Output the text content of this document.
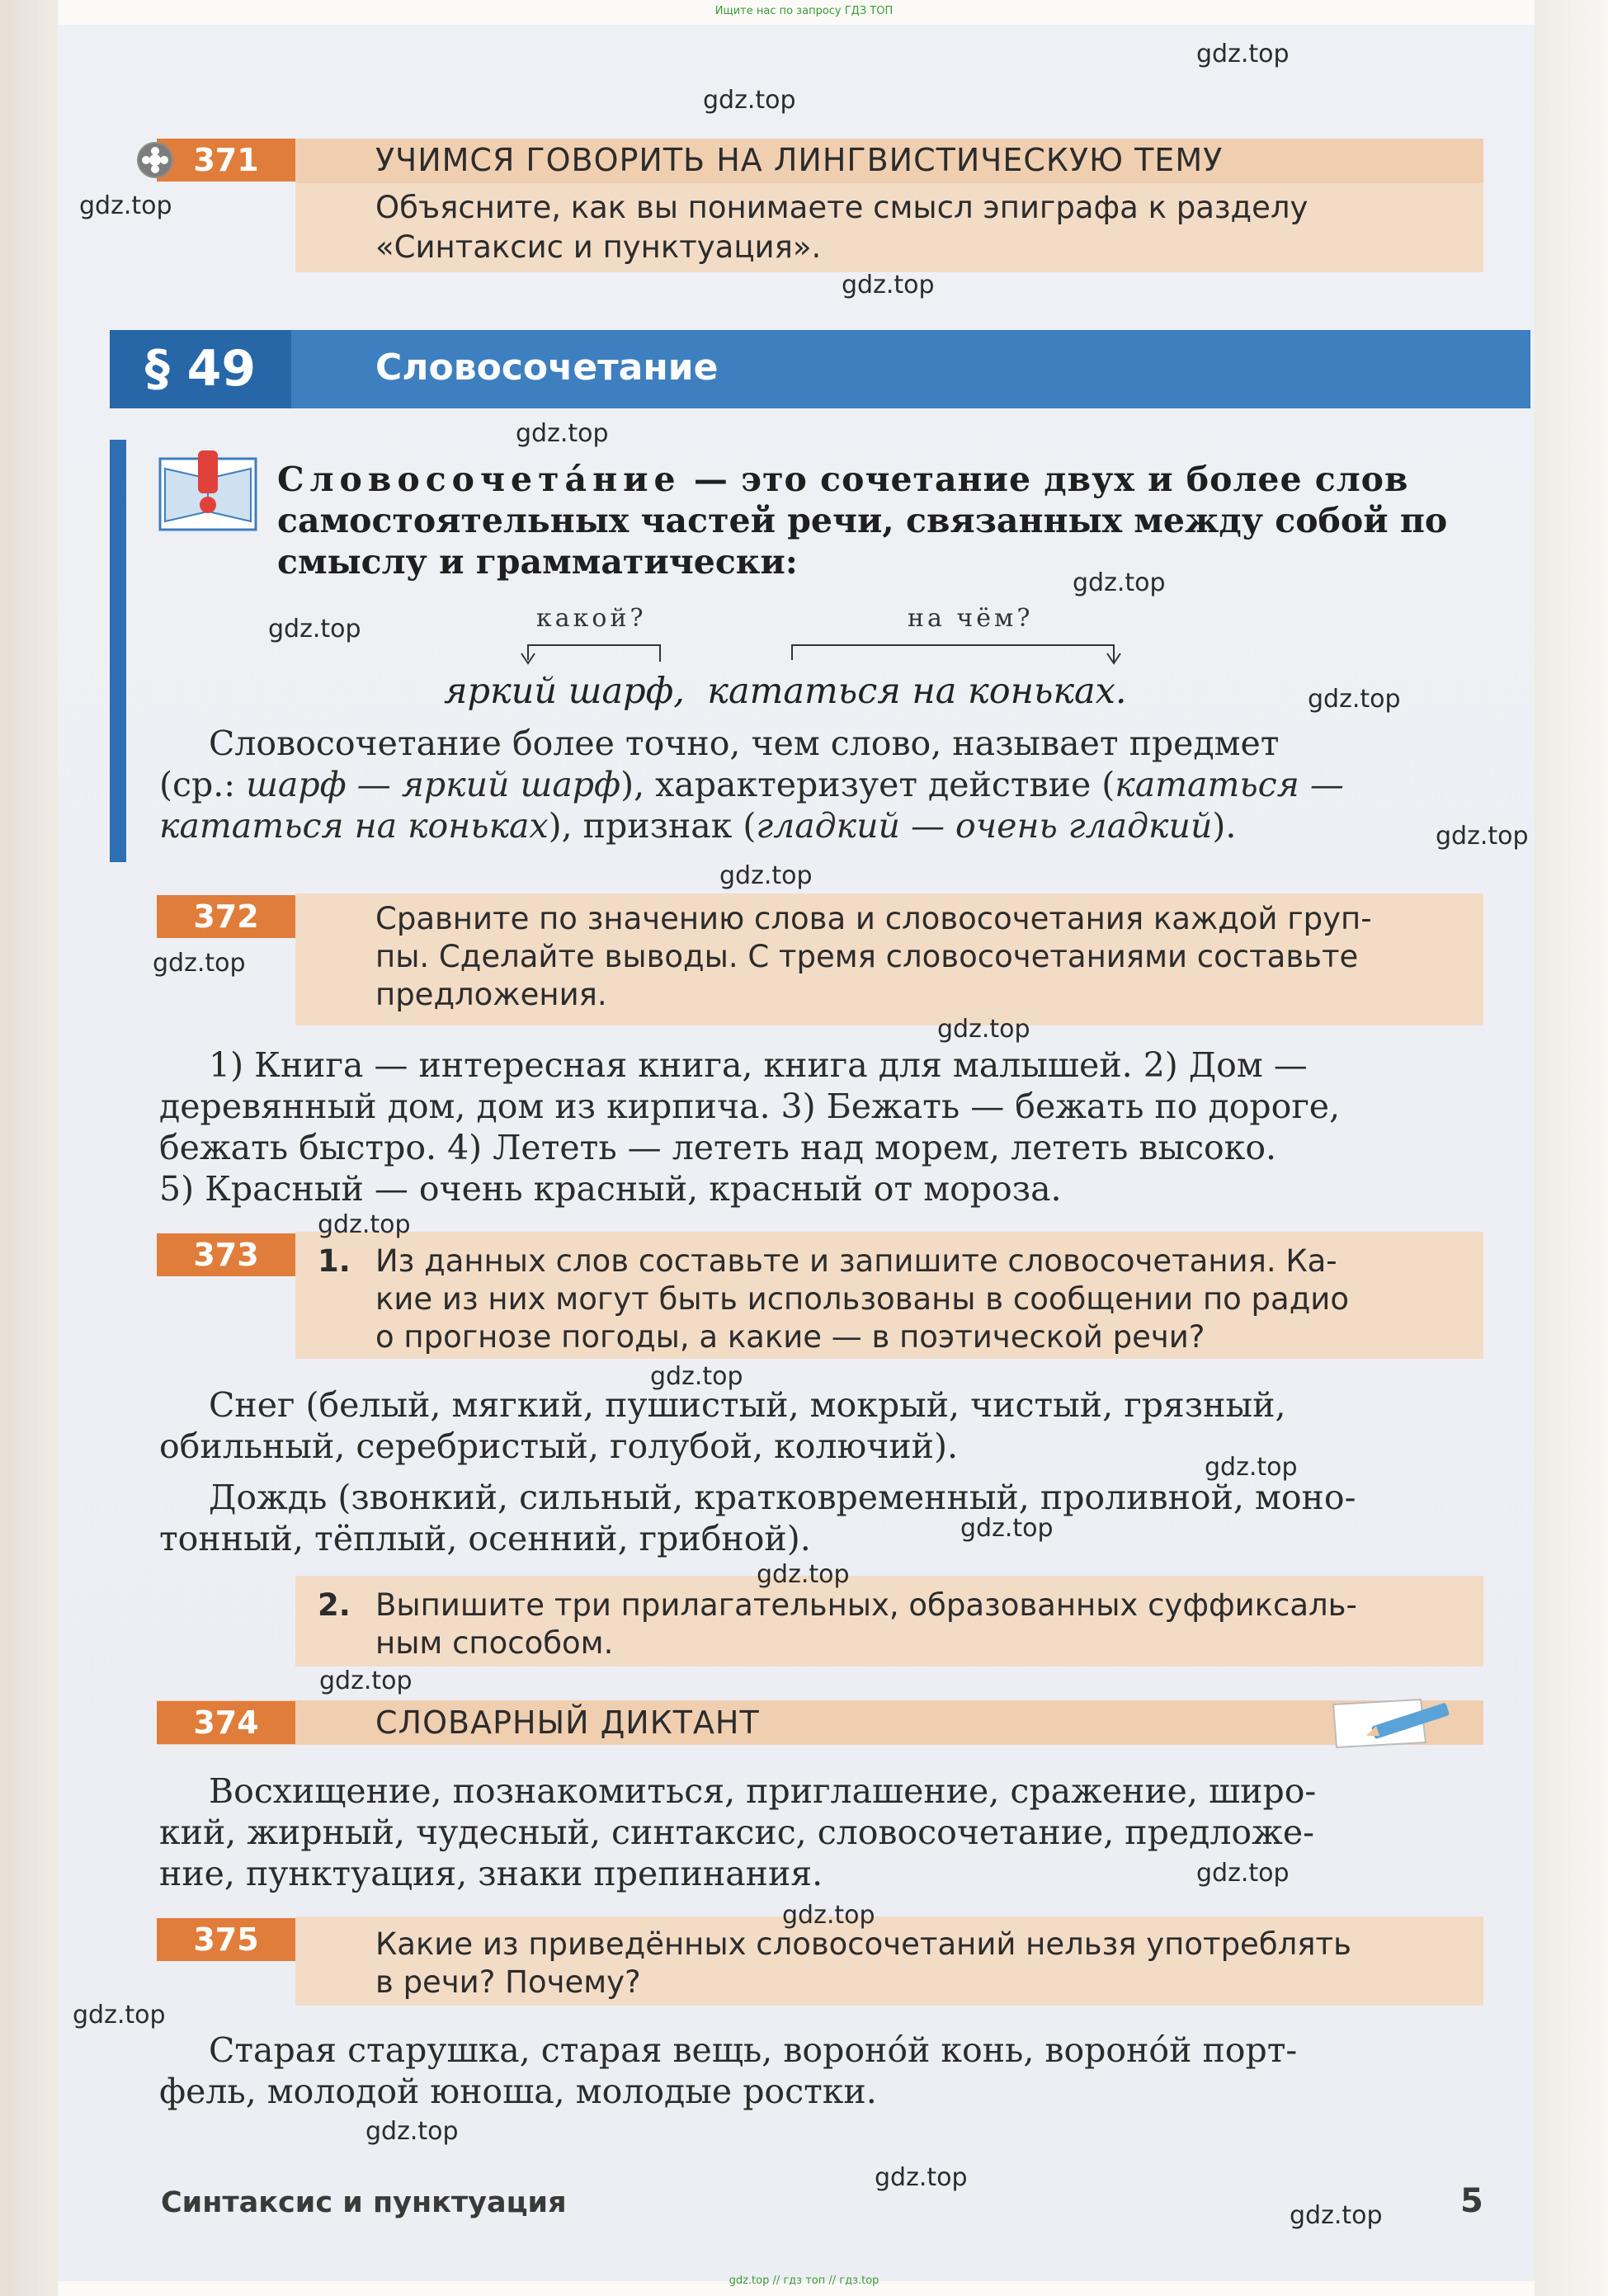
Ищите нас по запросу ГДЗ ТОП
371	УЧИМСЯ ГОВОРИТЬ НА ЛИНГВИСТИЧЕСКУЮ ТЕМУ
Объясните, как вы понимаете смысл эпиграфа к разделу
«Синтаксис и пунктуация».
§ 49	Словосочетание
Словосочета́ние — это сочетание двух и более слов
самостоятельных частей речи, связанных между собой по
смыслу и грамматически:
какой?	на чём?
яркий шарф,  кататься на коньках.
Словосочетание более точно, чем слово, называет предмет
(ср.: шарф — яркий шарф), характеризует действие (кататься —
кататься на коньках), признак (гладкий — очень гладкий).
372	Сравните по значению слова и словосочетания каждой груп-
пы. Сделайте выводы. С тремя словосочетаниями составьте
предложения.
1) Книга — интересная книга, книга для малышей. 2) Дом —
деревянный дом, дом из кирпича. 3) Бежать — бежать по дороге,
бежать быстро. 4) Лететь — лететь над морем, лететь высоко.
5) Красный — очень красный, красный от мороза.
373	1. Из данных слов составьте и запишите словосочетания. Ка-
кие из них могут быть использованы в сообщении по радио
о прогнозе погоды, а какие — в поэтической речи?
Снег (белый, мягкий, пушистый, мокрый, чистый, грязный,
обильный, серебристый, голубой, колючий).
Дождь (звонкий, сильный, кратковременный, проливной, моно-
тонный, тёплый, осенний, грибной).
2. Выпишите три прилагательных, образованных суффиксаль-
ным способом.
374	СЛОВАРНЫЙ ДИКТАНТ
Восхищение, познакомиться, приглашение, сражение, широ-
кий, жирный, чудесный, синтаксис, словосочетание, предложе-
ние, пунктуация, знаки препинания.
375	Какие из приведённых словосочетаний нельзя употреблять
в речи? Почему?
Старая старушка, старая вещь, вороно́й конь, вороно́й порт-
фель, молодой юноша, молодые ростки.
Синтаксис и пунктуация	5
gdz.top
gdz.top
gdz.top
gdz.top
gdz.top
gdz.top
gdz.top
gdz.top
gdz.top
gdz.top
gdz.top
gdz.top
gdz.top
gdz.top
gdz.top
gdz.top
gdz.top
gdz.top
gdz.top
gdz.top
gdz.top
gdz.top
gdz.top
gdz.top
gdz.top // гдз топ // гдз.top
